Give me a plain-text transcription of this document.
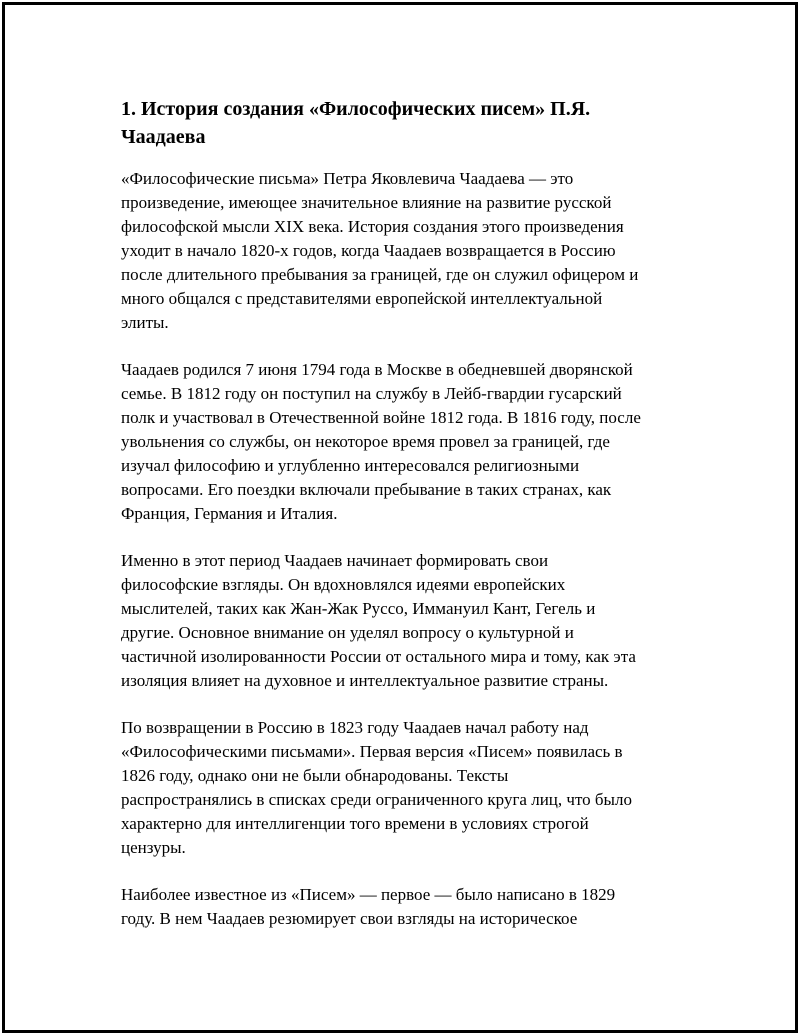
1. История создания «Философических писем» П.Я.
Чаадаева

«Философические письма» Петра Яковлевича Чаадаева — это
произведение, имеющее значительное влияние на развитие русской
философской мысли XIX века. История создания этого произведения
уходит в начало 1820-х годов, когда Чаадаев возвращается в Россию
после длительного пребывания за границей, где он служил офицером и
много общался с представителями европейской интеллектуальной
элиты.

Чаадаев родился 7 июня 1794 года в Москве в обедневшей дворянской
семье. В 1812 году он поступил на службу в Лейб-гвардии гусарский
полк и участвовал в Отечественной войне 1812 года. В 1816 году, после
увольнения со службы, он некоторое время провел за границей, где
изучал философию и углубленно интересовался религиозными
вопросами. Его поездки включали пребывание в таких странах, как
Франция, Германия и Италия.

Именно в этот период Чаадаев начинает формировать свои
философские взгляды. Он вдохновлялся идеями европейских
мыслителей, таких как Жан-Жак Руссо, Иммануил Кант, Гегель и
другие. Основное внимание он уделял вопросу о культурной и
частичной изолированности России от остального мира и тому, как эта
изоляция влияет на духовное и интеллектуальное развитие страны.

По возвращении в Россию в 1823 году Чаадаев начал работу над
«Философическими письмами». Первая версия «Писем» появилась в
1826 году, однако они не были обнародованы. Тексты
распространялись в списках среди ограниченного круга лиц, что было
характерно для интеллигенции того времени в условиях строгой
цензуры.

Наиболее известное из «Писем» — первое — было написано в 1829
году. В нем Чаадаев резюмирует свои взгляды на историческое
